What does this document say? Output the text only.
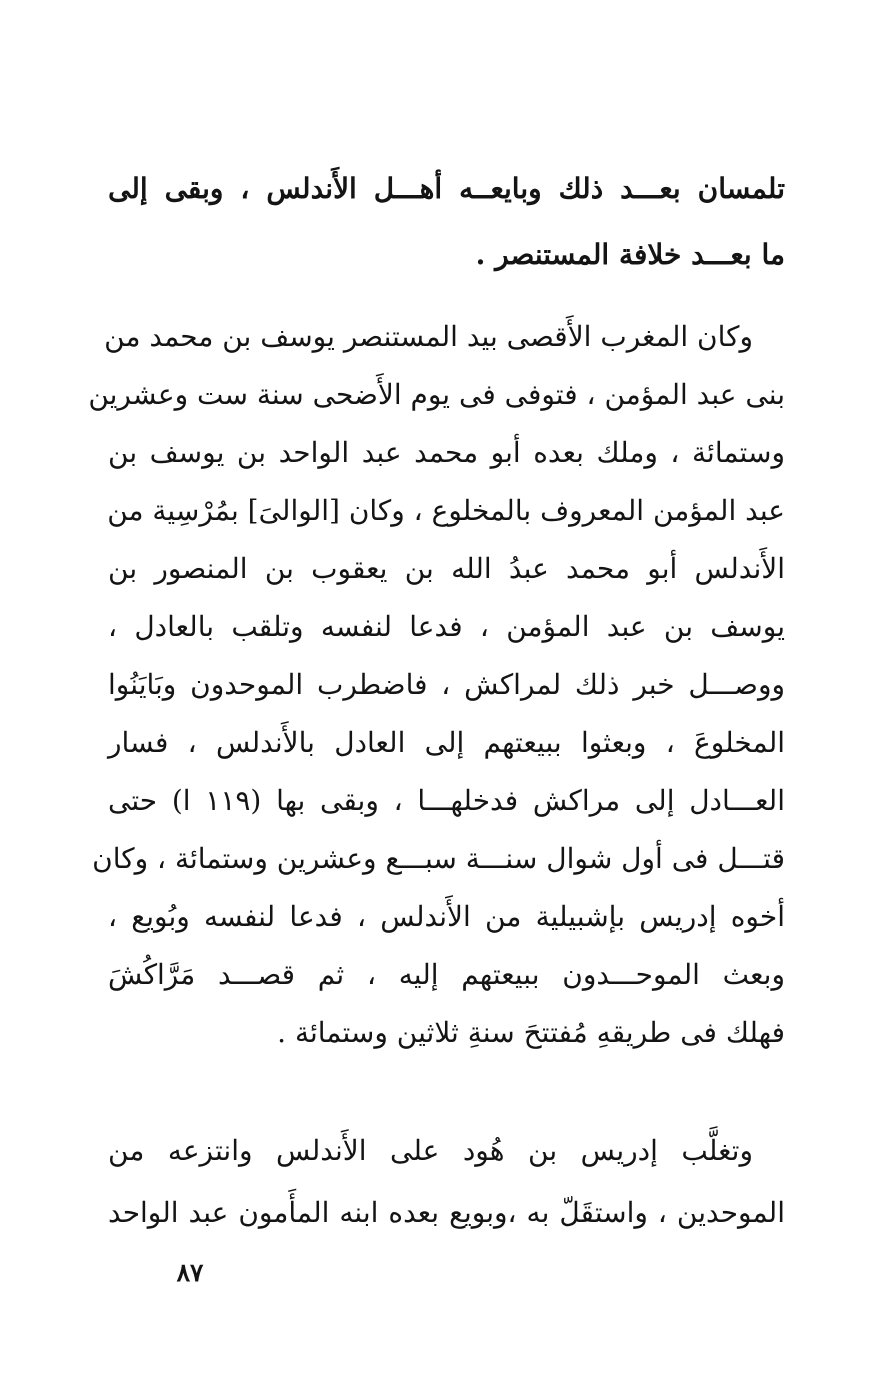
تلمسان بعـــد ذلك وبايعــه أهـــل الأَندلس ، وبقى إلى
ما بعـــد خلافة المستنصر .
وكان المغرب الأَقصى بيد المستنصر يوسف بن محمد من
بنى عبد المؤمن ، فتوفى فى يوم الأَضحى سنة ست وعشرين
وستمائة ، وملك بعده أبو محمد عبد الواحد بن يوسف بن
عبد المؤمن المعروف بالمخلوع ، وكان [الوالىَ] بمُرْسِية من
الأَندلس أبو محمد عبدُ الله بن يعقوب بن المنصور بن
يوسف بن عبد المؤمن ، فدعا لنفسه وتلقب بالعادل ،
ووصـــل خبر ذلك لمراكش ، فاضطرب الموحدون وبَايَنُوا
المخلوعَ ، وبعثوا ببيعتهم إلى العادل بالأَندلس ، فسار
العـــادل إلى مراكش فدخلهـــا ، وبقى بها (١١٩ ا) حتى
قتـــل فى أول شوال سنـــة سبـــع وعشرين وستمائة ، وكان
أخوه إدريس بإشبيلية من الأَندلس ، فدعا لنفسه وبُويع ،
وبعث الموحـــدون ببيعتهم إليه ، ثم قصـــد مَرَّاكُشَ
فهلك فى طريقهِ مُفتتحَ سنةِ ثلاثين وستمائة .
وتغلَّب إدريس بن هُود على الأَندلس وانتزعه من
الموحدين ، واستقَلّ به ،وبويع بعده ابنه المأَمون عبد الواحد
٨٧
